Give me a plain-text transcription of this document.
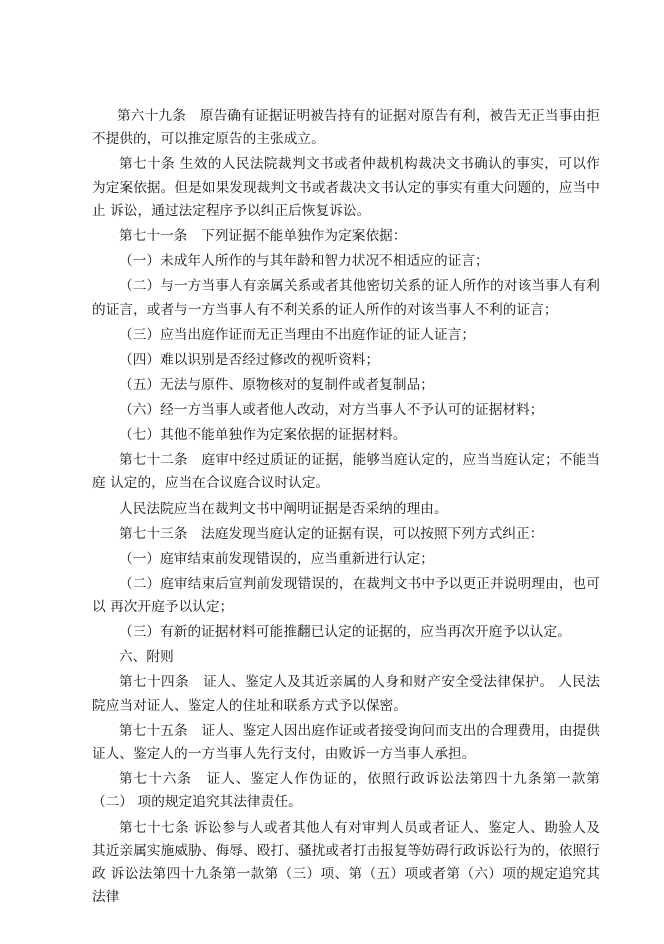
第六十九条　原告确有证据证明被告持有的证据对原告有利，被告无正当事由拒不提供的，可以推定原告的主张成立。

第七十条 生效的人民法院裁判文书或者仲裁机构裁决文书确认的事实，可以作为定案依据。但是如果发现裁判文书或者裁决文书认定的事实有重大问题的，应当中止 诉讼，通过法定程序予以纠正后恢复诉讼。

第七十一条　下列证据不能单独作为定案依据：

（一）未成年人所作的与其年龄和智力状况不相适应的证言；

（二）与一方当事人有亲属关系或者其他密切关系的证人所作的对该当事人有利的证言，或者与一方当事人有不利关系的证人所作的对该当事人不利的证言；

（三）应当出庭作证而无正当理由不出庭作证的证人证言；

（四）难以识别是否经过修改的视听资料；

（五）无法与原件、原物核对的复制件或者复制品；

（六）经一方当事人或者他人改动，对方当事人不予认可的证据材料；

（七）其他不能单独作为定案依据的证据材料。

第七十二条　庭审中经过质证的证据，能够当庭认定的，应当当庭认定；不能当庭 认定的，应当在合议庭合议时认定。

人民法院应当在裁判文书中阐明证据是否采纳的理由。

第七十三条　法庭发现当庭认定的证据有误，可以按照下列方式纠正：

（一）庭审结束前发现错误的，应当重新进行认定；

（二）庭审结束后宣判前发现错误的，在裁判文书中予以更正并说明理由，也可以 再次开庭予以认定；

（三）有新的证据材料可能推翻已认定的证据的，应当再次开庭予以认定。

六、附则

第七十四条　证人、鉴定人及其近亲属的人身和财产安全受法律保护。 人民法院应当对证人、鉴定人的住址和联系方式予以保密。

第七十五条　证人、鉴定人因出庭作证或者接受询问而支出的合理费用，由提供证人、鉴定人的一方当事人先行支付，由败诉一方当事人承担。

第七十六条　证人、鉴定人作伪证的，依照行政诉讼法第四十九条第一款第（二） 项的规定追究其法律责任。

第七十七条 诉讼参与人或者其他人有对审判人员或者证人、鉴定人、勘验人及其近亲属实施威胁、侮辱、殴打、骚扰或者打击报复等妨碍行政诉讼行为的，依照行政 诉讼法第四十九条第一款第（三）项、第（五）项或者第（六）项的规定追究其法律
